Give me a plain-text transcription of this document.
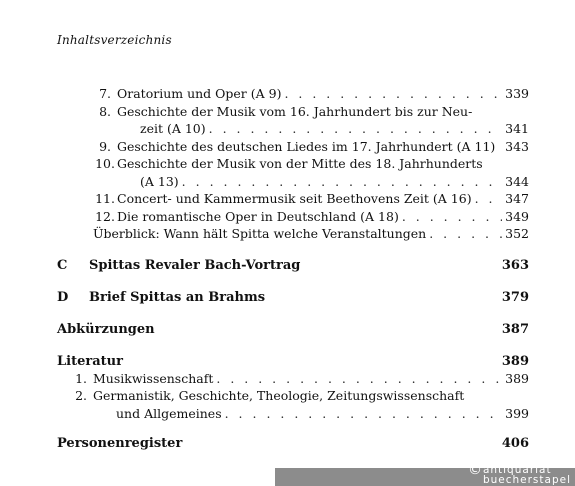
Inhaltsverzeichnis
7. Oratorium und Oper (A 9) . . .	339
8. Geschichte der Musik vom 16. Jahrhundert bis zur Neu-
zeit (A 10) . . .	341
9. Geschichte des deutschen Liedes im 17. Jahrhundert (A 11) 343
10. Geschichte der Musik von der Mitte des 18. Jahrhunderts
(A 13) . . .	344
11. Concert- und Kammermusik seit Beethovens Zeit (A 16) . . .	347
12. Die romantische Oper in Deutschland (A 18) . . .	349
Überblick: Wann hält Spitta welche Veranstaltungen . . .	352
C	Spittas Revaler Bach-Vortrag	363
D	Brief Spittas an Brahms	379
Abkürzungen	387
Literatur	389
1. Musikwissenschaft . . .	389
2. Germanistik, Geschichte, Theologie, Zeitungswissenschaft
und Allgemeines . . .	399
Personenregister	406
© antiquariat
buecherstapel
